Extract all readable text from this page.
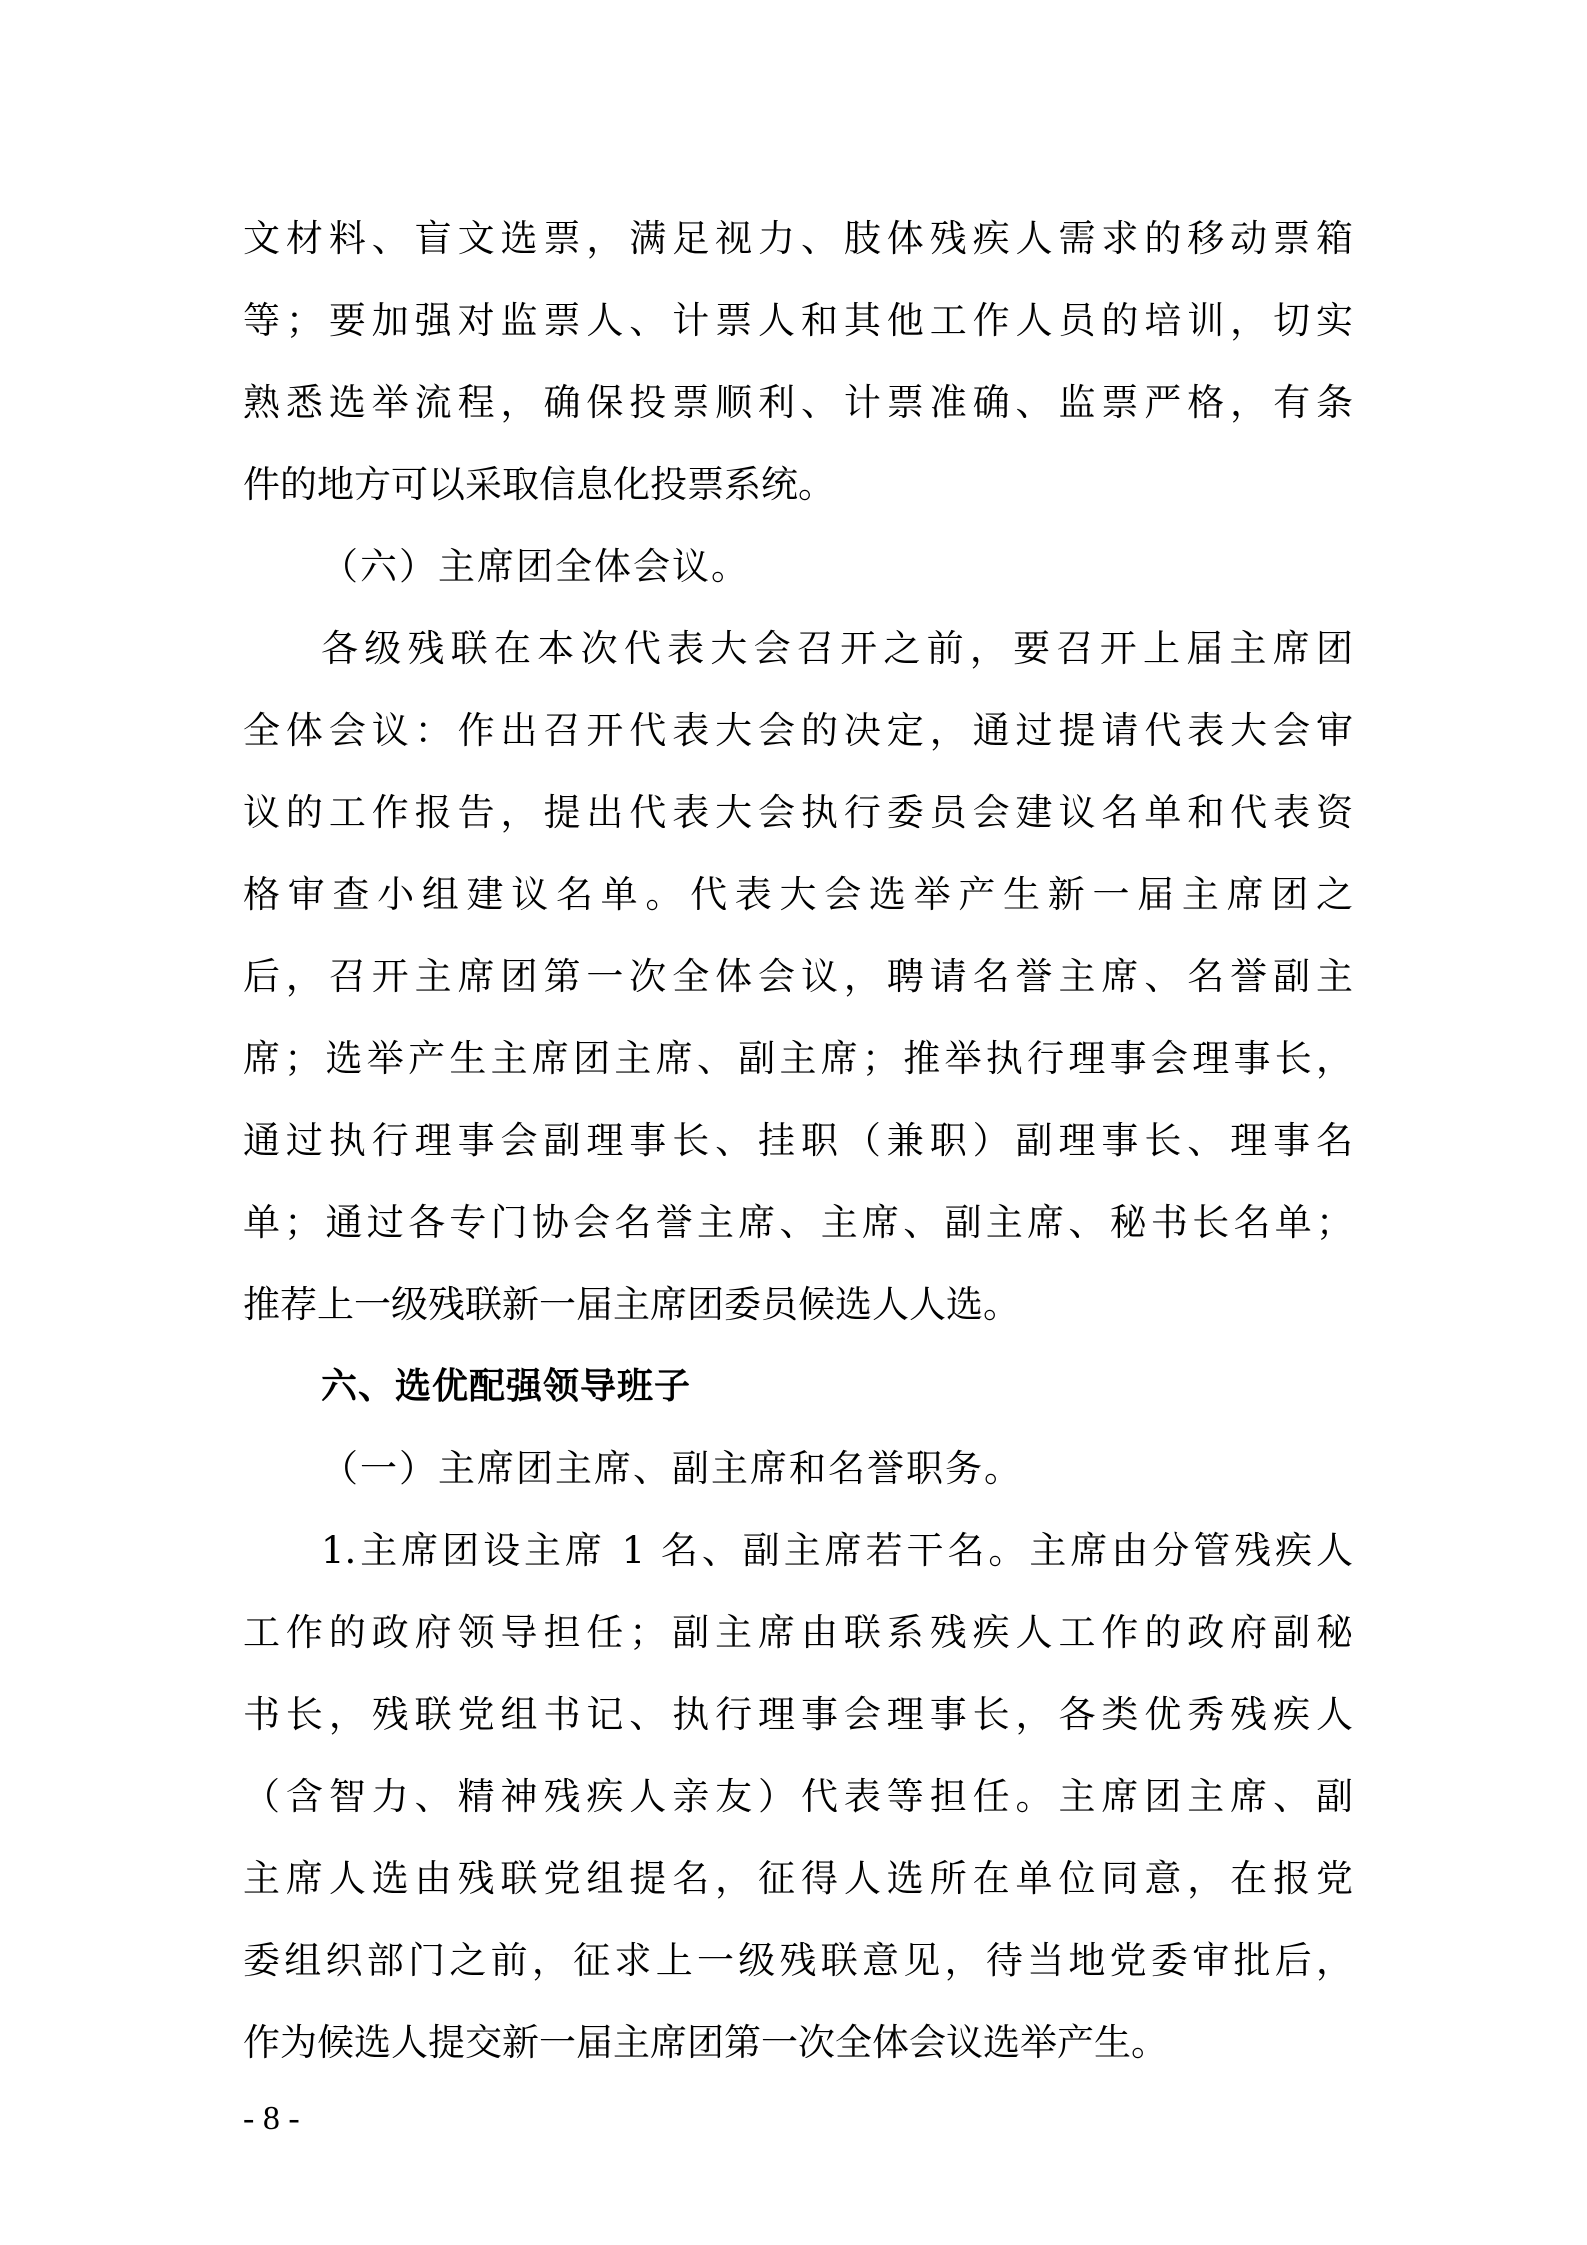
文材料、盲文选票，满足视力、肢体残疾人需求的移动票箱
等；要加强对监票人、计票人和其他工作人员的培训，切实
熟悉选举流程，确保投票顺利、计票准确、监票严格，有条
件的地方可以采取信息化投票系统。
（六）主席团全体会议。
各级残联在本次代表大会召开之前，要召开上届主席团
全体会议：作出召开代表大会的决定，通过提请代表大会审
议的工作报告，提出代表大会执行委员会建议名单和代表资
格审查小组建议名单。代表大会选举产生新一届主席团之
后，召开主席团第一次全体会议，聘请名誉主席、名誉副主
席；选举产生主席团主席、副主席；推举执行理事会理事长，
通过执行理事会副理事长、挂职（兼职）副理事长、理事名
单；通过各专门协会名誉主席、主席、副主席、秘书长名单；
推荐上一级残联新一届主席团委员候选人人选。
六、选优配强领导班子
（一）主席团主席、副主席和名誉职务。
1.主席团设主席 1 名、副主席若干名。主席由分管残疾人
工作的政府领导担任；副主席由联系残疾人工作的政府副秘
书长，残联党组书记、执行理事会理事长，各类优秀残疾人
（含智力、精神残疾人亲友）代表等担任。主席团主席、副
主席人选由残联党组提名，征得人选所在单位同意，在报党
委组织部门之前，征求上一级残联意见，待当地党委审批后，
作为候选人提交新一届主席团第一次全体会议选举产生。
- 8 -
